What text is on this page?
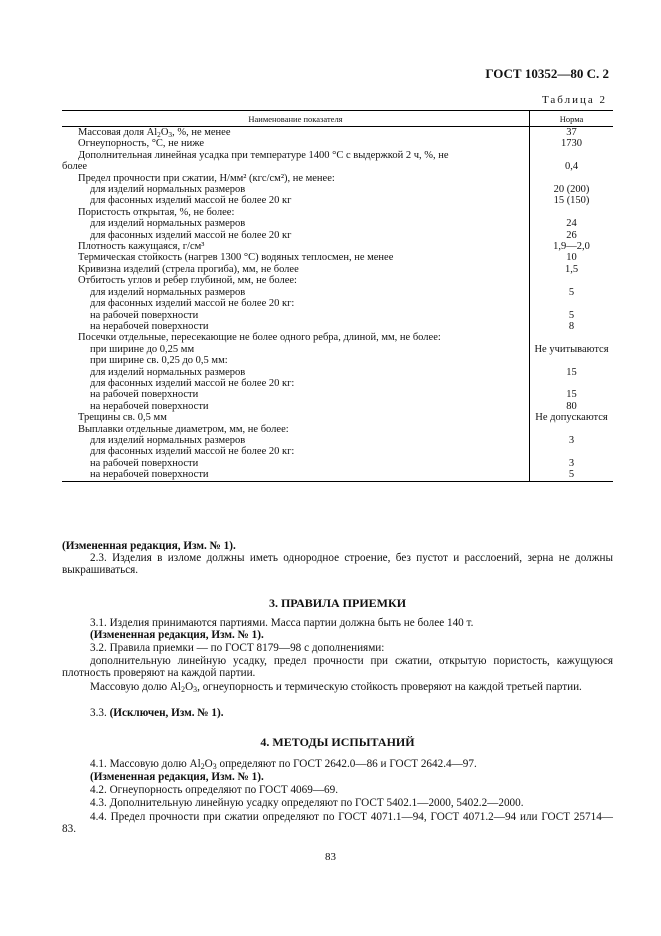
ГОСТ 10352—80 С. 2
Таблица 2
Наименование показателя	Норма
Массовая доля $Al_2O_3$, %, не менее	37
Огнеупорность, °С, не ниже	1730
Дополнительная линейная усадка при температуре 1400 °С с выдержкой 2 ч, %, не	
более	0,4
Предел прочности при сжатии, Н/мм² (кгс/см²), не менее:	
для изделий нормальных размеров	20 (200)
для фасонных изделий массой не более 20 кг	15 (150)
Пористость открытая, %, не более:	
для изделий нормальных размеров	24
для фасонных изделий массой не более 20 кг	26
Плотность кажущаяся, г/см³	1,9—2,0
Термическая стойкость (нагрев 1300 °С) водяных теплосмен, не менее	10
Кривизна изделий (стрела прогиба), мм, не более	1,5
Отбитость углов и ребер глубиной, мм, не более:	
для изделий нормальных размеров	5
для фасонных изделий массой не более 20 кг:	
на рабочей поверхности	5
на нерабочей поверхности	8
Посечки отдельные, пересекающие не более одного ребра, длиной, мм, не более:	
при ширине до 0,25 мм	Не учитываются
при ширине св. 0,25 до 0,5 мм:	
для изделий нормальных размеров	15
для фасонных изделий массой не более 20 кг:	
на рабочей поверхности	15
на нерабочей поверхности	80
Трещины св. 0,5 мм	Не допускаются
Выплавки отдельные диаметром, мм, не более:	
для изделий нормальных размеров	3
для фасонных изделий массой не более 20 кг:	
на рабочей поверхности	3
на нерабочей поверхности	5
(Измененная редакция, Изм. № 1).
2.3. Изделия в изломе должны иметь однородное строение, без пустот и расслоений, зерна не должны выкрашиваться.
3. ПРАВИЛА ПРИЕМКИ
3.1. Изделия принимаются партиями. Масса партии должна быть не более 140 т.
(Измененная редакция, Изм. № 1).
3.2. Правила приемки — по ГОСТ 8179—98 с дополнениями:
дополнительную линейную усадку, предел прочности при сжатии, открытую пористость, кажущуюся плотность проверяют на каждой партии.
Массовую долю $Al_2O_3$, огнеупорность и термическую стойкость проверяют на каждой третьей партии.
3.3. (Исключен, Изм. № 1).
4. МЕТОДЫ ИСПЫТАНИЙ
4.1. Массовую долю $Al_2O_3$ определяют по ГОСТ 2642.0—86 и ГОСТ 2642.4—97.
(Измененная редакция, Изм. № 1).
4.2. Огнеупорность определяют по ГОСТ 4069—69.
4.3. Дополнительную линейную усадку определяют по ГОСТ 5402.1—2000, 5402.2—2000.
4.4. Предел прочности при сжатии определяют по ГОСТ 4071.1—94, ГОСТ 4071.2—94 или ГОСТ 25714—83.
83
